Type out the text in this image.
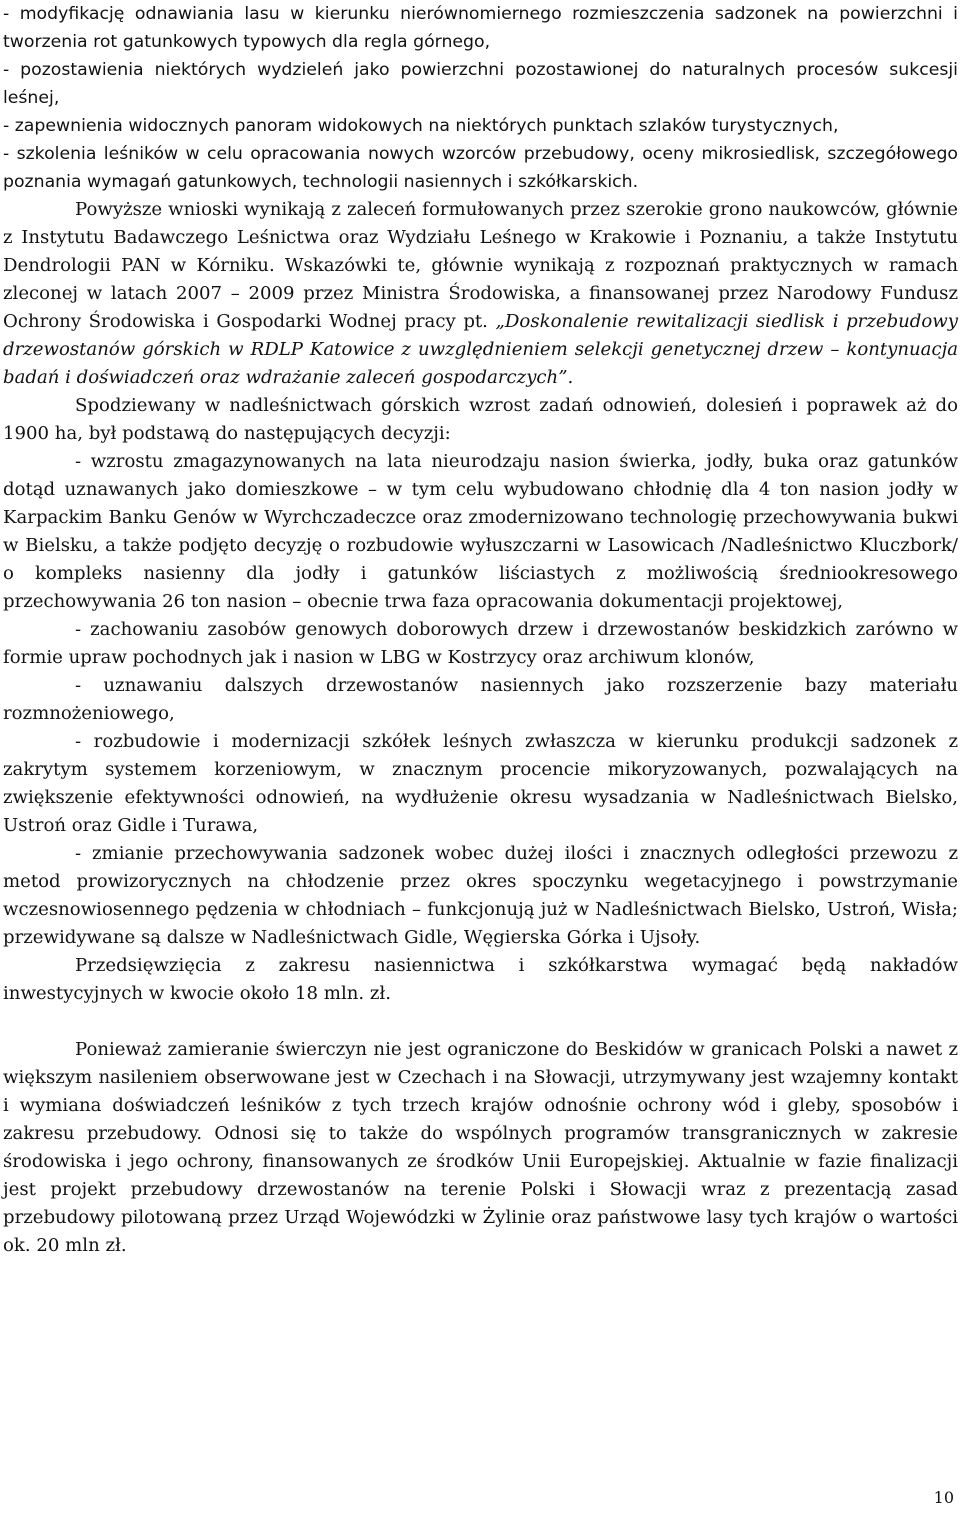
- modyfikację odnawiania lasu w kierunku nierównomiernego rozmieszczenia sadzonek na powierzchni i tworzenia rot gatunkowych typowych dla regla górnego,

- pozostawienia niektórych wydzieleń jako powierzchni pozostawionej do naturalnych procesów sukcesji leśnej,

- zapewnienia widocznych panoram widokowych na niektórych punktach szlaków turystycznych,

- szkolenia leśników w celu opracowania nowych wzorców przebudowy, oceny mikrosiedlisk, szczegółowego poznania wymagań gatunkowych, technologii nasiennych i szkółkarskich.

Powyższe wnioski wynikają z zaleceń formułowanych przez szerokie grono naukowców, głównie z Instytutu Badawczego Leśnictwa oraz Wydziału Leśnego w Krakowie i Poznaniu, a także Instytutu Dendrologii PAN w Kórniku. Wskazówki te, głównie wynikają z rozpoznań praktycznych w ramach zleconej w latach 2007 – 2009 przez Ministra Środowiska, a finansowanej przez Narodowy Fundusz Ochrony Środowiska i Gospodarki Wodnej pracy pt. „Doskonalenie rewitalizacji siedlisk i przebudowy drzewostanów górskich w RDLP Katowice z uwzględnieniem selekcji genetycznej drzew – kontynuacja badań i doświadczeń oraz wdrażanie zaleceń gospodarczych”.

Spodziewany w nadleśnictwach górskich wzrost zadań odnowień, dolesień i poprawek aż do 1900 ha, był podstawą do następujących decyzji:

- wzrostu zmagazynowanych na lata nieurodzaju nasion świerka, jodły, buka oraz gatunków dotąd uznawanych jako domieszkowe – w tym celu wybudowano chłodnię dla 4 ton nasion jodły w Karpackim Banku Genów w Wyrchczadeczce oraz zmodernizowano technologię przechowywania bukwi w Bielsku, a także podjęto decyzję o rozbudowie wyłuszczarni w Lasowicach /Nadleśnictwo Kluczbork/ o kompleks nasienny dla jodły i gatunków liściastych z możliwością średniookresowego przechowywania 26 ton nasion – obecnie trwa faza opracowania dokumentacji projektowej,

- zachowaniu zasobów genowych doborowych drzew i drzewostanów beskidzkich zarówno w formie upraw pochodnych jak i nasion w LBG w Kostrzycy oraz archiwum klonów,

- uznawaniu dalszych drzewostanów nasiennych jako rozszerzenie bazy materiału rozmnożeniowego,

- rozbudowie i modernizacji szkółek leśnych zwłaszcza w kierunku produkcji sadzonek z zakrytym systemem korzeniowym, w znacznym procencie mikoryzowanych, pozwalających na zwiększenie efektywności odnowień, na wydłużenie okresu wysadzania w Nadleśnictwach Bielsko, Ustroń oraz Gidle i Turawa,

- zmianie przechowywania sadzonek wobec dużej ilości i znacznych odległości przewozu z metod prowizorycznych na chłodzenie przez okres spoczynku wegetacyjnego i powstrzymanie wczesnowiosennego pędzenia w chłodniach – funkcjonują już w Nadleśnictwach Bielsko, Ustroń, Wisła; przewidywane są dalsze w Nadleśnictwach Gidle, Węgierska Górka i Ujsoły.

Przedsięwzięcia z zakresu nasiennictwa i szkółkarstwa wymagać będą nakładów inwestycyjnych w kwocie około 18 mln. zł.

Ponieważ zamieranie świerczyn nie jest ograniczone do Beskidów w granicach Polski a nawet z większym nasileniem obserwowane jest w Czechach i na Słowacji, utrzymywany jest wzajemny kontakt i wymiana doświadczeń leśników z tych trzech krajów odnośnie ochrony wód i gleby, sposobów i zakresu przebudowy. Odnosi się to także do wspólnych programów transgranicznych w zakresie środowiska i jego ochrony, finansowanych ze środków Unii Europejskiej. Aktualnie w fazie finalizacji jest projekt przebudowy drzewostanów na terenie Polski i Słowacji wraz z prezentacją zasad przebudowy pilotowaną przez Urząd Wojewódzki w Żylinie oraz państwowe lasy tych krajów o wartości ok. 20 mln zł.

10
